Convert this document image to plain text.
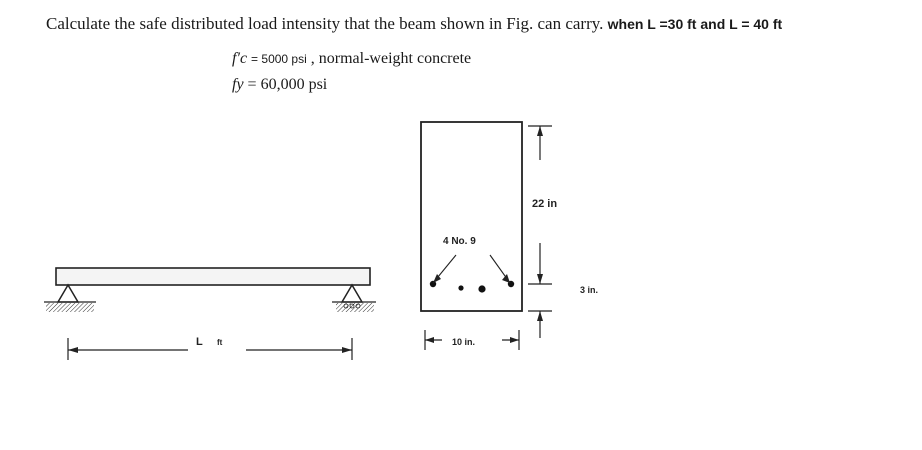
Calculate the safe distributed load intensity that the beam shown in Fig. can carry. when L =30 ft and L = 40 ft
f′c = 5000 psi , normal-weight concrete
fy = 60,000 psi
L ft
4 No. 9
22 in
3 in.
10 in.
